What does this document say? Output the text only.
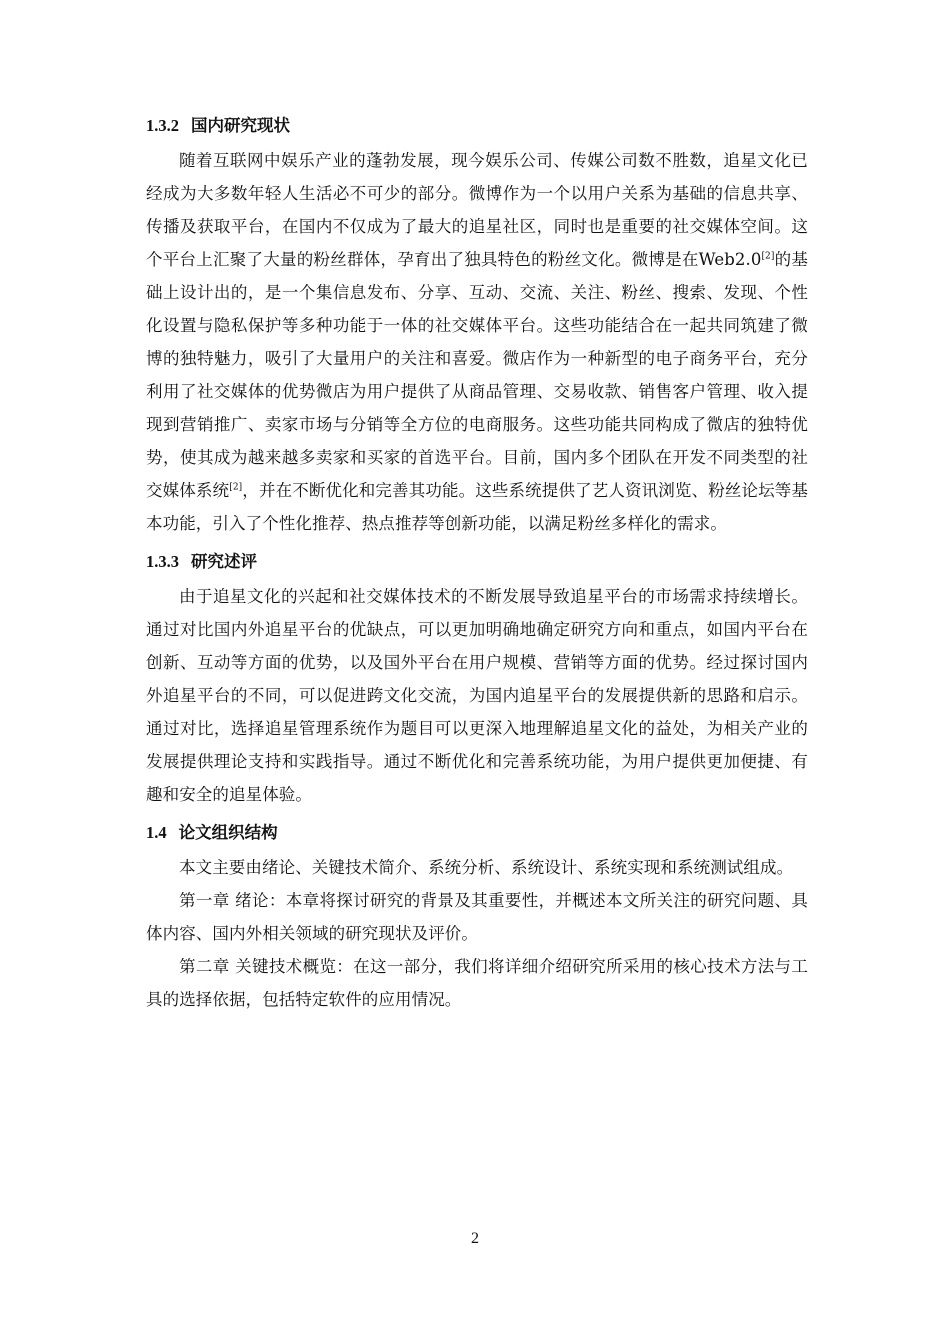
1.3.2 国内研究现状

随着互联网中娱乐产业的蓬勃发展，现今娱乐公司、传媒公司数不胜数，追星文化已经成为大多数年轻人生活必不可少的部分。微博作为一个以用户关系为基础的信息共享、传播及获取平台，在国内不仅成为了最大的追星社区，同时也是重要的社交媒体空间。这个平台上汇聚了大量的粉丝群体，孕育出了独具特色的粉丝文化。微博是在Web2.0[2]的基础上设计出的，是一个集信息发布、分享、互动、交流、关注、粉丝、搜索、发现、个性化设置与隐私保护等多种功能于一体的社交媒体平台。这些功能结合在一起共同筑建了微博的独特魅力，吸引了大量用户的关注和喜爱。微店作为一种新型的电子商务平台，充分利用了社交媒体的优势微店为用户提供了从商品管理、交易收款、销售客户管理、收入提现到营销推广、卖家市场与分销等全方位的电商服务。这些功能共同构成了微店的独特优势，使其成为越来越多卖家和买家的首选平台。目前，国内多个团队在开发不同类型的社交媒体系统[2]，并在不断优化和完善其功能。这些系统提供了艺人资讯浏览、粉丝论坛等基本功能，引入了个性化推荐、热点推荐等创新功能，以满足粉丝多样化的需求。

1.3.3 研究述评

由于追星文化的兴起和社交媒体技术的不断发展导致追星平台的市场需求持续增长。通过对比国内外追星平台的优缺点，可以更加明确地确定研究方向和重点，如国内平台在创新、互动等方面的优势，以及国外平台在用户规模、营销等方面的优势。经过探讨国内外追星平台的不同，可以促进跨文化交流，为国内追星平台的发展提供新的思路和启示。通过对比，选择追星管理系统作为题目可以更深入地理解追星文化的益处，为相关产业的发展提供理论支持和实践指导。通过不断优化和完善系统功能，为用户提供更加便捷、有趣和安全的追星体验。

1.4 论文组织结构

本文主要由绪论、关键技术简介、系统分析、系统设计、系统实现和系统测试组成。

第一章 绪论：本章将探讨研究的背景及其重要性，并概述本文所关注的研究问题、具体内容、国内外相关领域的研究现状及评价。

第二章 关键技术概览：在这一部分，我们将详细介绍研究所采用的核心技术方法与工具的选择依据，包括特定软件的应用情况。

2
